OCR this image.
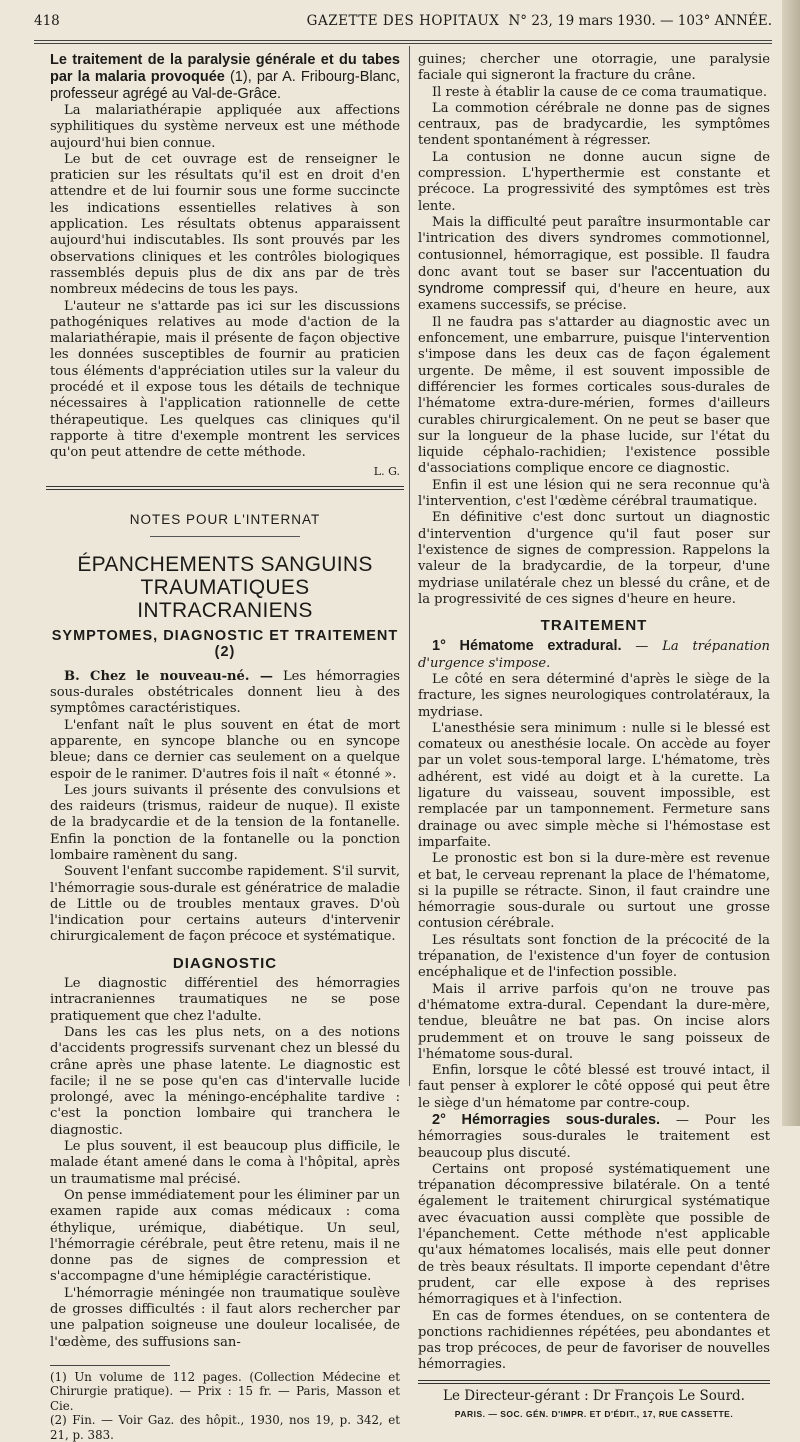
418	GAZETTE DES HOPITAUX N° 23, 19 mars 1930. — 103° ANNÉE.

Le traitement de la paralysie générale et du tabes par la malaria provoquée (1), par A. Fribourg-Blanc, professeur agrégé au Val-de-Grâce.

La malariathérapie appliquée aux affections syphilitiques du système nerveux est une méthode aujourd'hui bien connue.

Le but de cet ouvrage est de renseigner le praticien sur les résultats qu'il est en droit d'en attendre et de lui fournir sous une forme succincte les indications essentielles relatives à son application. Les résultats obtenus apparaissent aujourd'hui indiscutables. Ils sont prouvés par les observations cliniques et les contrôles biologiques rassemblés depuis plus de dix ans par de très nombreux médecins de tous les pays.

L'auteur ne s'attarde pas ici sur les discussions pathogéniques relatives au mode d'action de la malariathérapie, mais il présente de façon objective les données susceptibles de fournir au praticien tous éléments d'appréciation utiles sur la valeur du procédé et il expose tous les détails de technique nécessaires à l'application rationnelle de cette thérapeutique. Les quelques cas cliniques qu'il rapporte à titre d'exemple montrent les services qu'on peut attendre de cette méthode.

L. G.
NOTES POUR L'INTERNAT
ÉPANCHEMENTS SANGUINS TRAUMATIQUES INTRACRANIENS
SYMPTOMES, DIAGNOSTIC ET TRAITEMENT (2)

B. Chez le nouveau-né. — Les hémorragies sous-durales obstétricales donnent lieu à des symptômes caractéristiques.

L'enfant naît le plus souvent en état de mort apparente, en syncope blanche ou en syncope bleue; dans ce dernier cas seulement on a quelque espoir de le ranimer. D'autres fois il naît « étonné ».

Les jours suivants il présente des convulsions et des raideurs (trismus, raideur de nuque). Il existe de la bradycardie et de la tension de la fontanelle. Enfin la ponction de la fontanelle ou la ponction lombaire ramènent du sang.

Souvent l'enfant succombe rapidement. S'il survit, l'hémorragie sous-durale est génératrice de maladie de Little ou de troubles mentaux graves. D'où l'indication pour certains auteurs d'intervenir chirurgicalement de façon précoce et systématique.

DIAGNOSTIC

Le diagnostic différentiel des hémorragies intracraniennes traumatiques ne se pose pratiquement que chez l'adulte.

Dans les cas les plus nets, on a des notions d'accidents progressifs survenant chez un blessé du crâne après une phase latente. Le diagnostic est facile; il ne se pose qu'en cas d'intervalle lucide prolongé, avec la méningo-encéphalite tardive : c'est la ponction lombaire qui tranchera le diagnostic.

Le plus souvent, il est beaucoup plus difficile, le malade étant amené dans le coma à l'hôpital, après un traumatisme mal précisé.

On pense immédiatement pour les éliminer par un examen rapide aux comas médicaux : coma éthylique, urémique, diabétique. Un seul, l'hémorragie cérébrale, peut être retenu, mais il ne donne pas de signes de compression et s'accompagne d'une hémiplégie caractéristique.

L'hémorragie méningée non traumatique soulève de grosses difficultés : il faut alors rechercher par une palpation soigneuse une douleur localisée, de l'œdème, des suffusions san-

(1) Un volume de 112 pages. (Collection Médecine et Chirurgie pratique). — Prix : 15 fr. — Paris, Masson et Cie.

(2) Fin. — Voir Gaz. des hôpit., 1930, nos 19, p. 342, et 21, p. 383.

guines; chercher une otorragie, une paralysie faciale qui signeront la fracture du crâne.

Il reste à établir la cause de ce coma traumatique.

La commotion cérébrale ne donne pas de signes centraux, pas de bradycardie, les symptômes tendent spontanément à régresser.

La contusion ne donne aucun signe de compression. L'hyperthermie est constante et précoce. La progressivité des symptômes est très lente.

Mais la difficulté peut paraître insurmontable car l'intrication des divers syndromes commotionnel, contusionnel, hémorragique, est possible. Il faudra donc avant tout se baser sur l'accentuation du syndrome compressif qui, d'heure en heure, aux examens successifs, se précise.

Il ne faudra pas s'attarder au diagnostic avec un enfoncement, une embarrure, puisque l'intervention s'impose dans les deux cas de façon également urgente. De même, il est souvent impossible de différencier les formes corticales sous-durales de l'hématome extra-dure-mérien, formes d'ailleurs curables chirurgicalement. On ne peut se baser que sur la longueur de la phase lucide, sur l'état du liquide céphalo-rachidien; l'existence possible d'associations complique encore ce diagnostic.

Enfin il est une lésion qui ne sera reconnue qu'à l'intervention, c'est l'œdème cérébral traumatique.

En définitive c'est donc surtout un diagnostic d'intervention d'urgence qu'il faut poser sur l'existence de signes de compression. Rappelons la valeur de la bradycardie, de la torpeur, d'une mydriase unilatérale chez un blessé du crâne, et de la progressivité de ces signes d'heure en heure.

TRAITEMENT

1° Hématome extradural. — La trépanation d'urgence s'impose.

Le côté en sera déterminé d'après le siège de la fracture, les signes neurologiques controlatéraux, la mydriase.

L'anesthésie sera minimum : nulle si le blessé est comateux ou anesthésie locale. On accède au foyer par un volet sous-temporal large. L'hématome, très adhérent, est vidé au doigt et à la curette. La ligature du vaisseau, souvent impossible, est remplacée par un tamponnement. Fermeture sans drainage ou avec simple mèche si l'hémostase est imparfaite.

Le pronostic est bon si la dure-mère est revenue et bat, le cerveau reprenant la place de l'hématome, si la pupille se rétracte. Sinon, il faut craindre une hémorragie sous-durale ou surtout une grosse contusion cérébrale.

Les résultats sont fonction de la précocité de la trépanation, de l'existence d'un foyer de contusion encéphalique et de l'infection possible.

Mais il arrive parfois qu'on ne trouve pas d'hématome extra-dural. Cependant la dure-mère, tendue, bleuâtre ne bat pas. On incise alors prudemment et on trouve le sang poisseux de l'hématome sous-dural.

Enfin, lorsque le côté blessé est trouvé intact, il faut penser à explorer le côté opposé qui peut être le siège d'un hématome par contre-coup.

2° Hémorragies sous-durales. — Pour les hémorragies sous-durales le traitement est beaucoup plus discuté.

Certains ont proposé systématiquement une trépanation décompressive bilatérale. On a tenté également le traitement chirurgical systématique avec évacuation aussi complète que possible de l'épanchement. Cette méthode n'est applicable qu'aux hématomes localisés, mais elle peut donner de très beaux résultats. Il importe cependant d'être prudent, car elle expose à des reprises hémorragiques et à l'infection.

En cas de formes étendues, on se contentera de ponctions rachidiennes répétées, peu abondantes et pas trop précoces, de peur de favoriser de nouvelles hémorragies.

Le Directeur-gérant : Dr François Le Sourd.
PARIS. — SOC. GÉN. D'IMPR. ET D'ÉDIT., 17, RUE CASSETTE.
